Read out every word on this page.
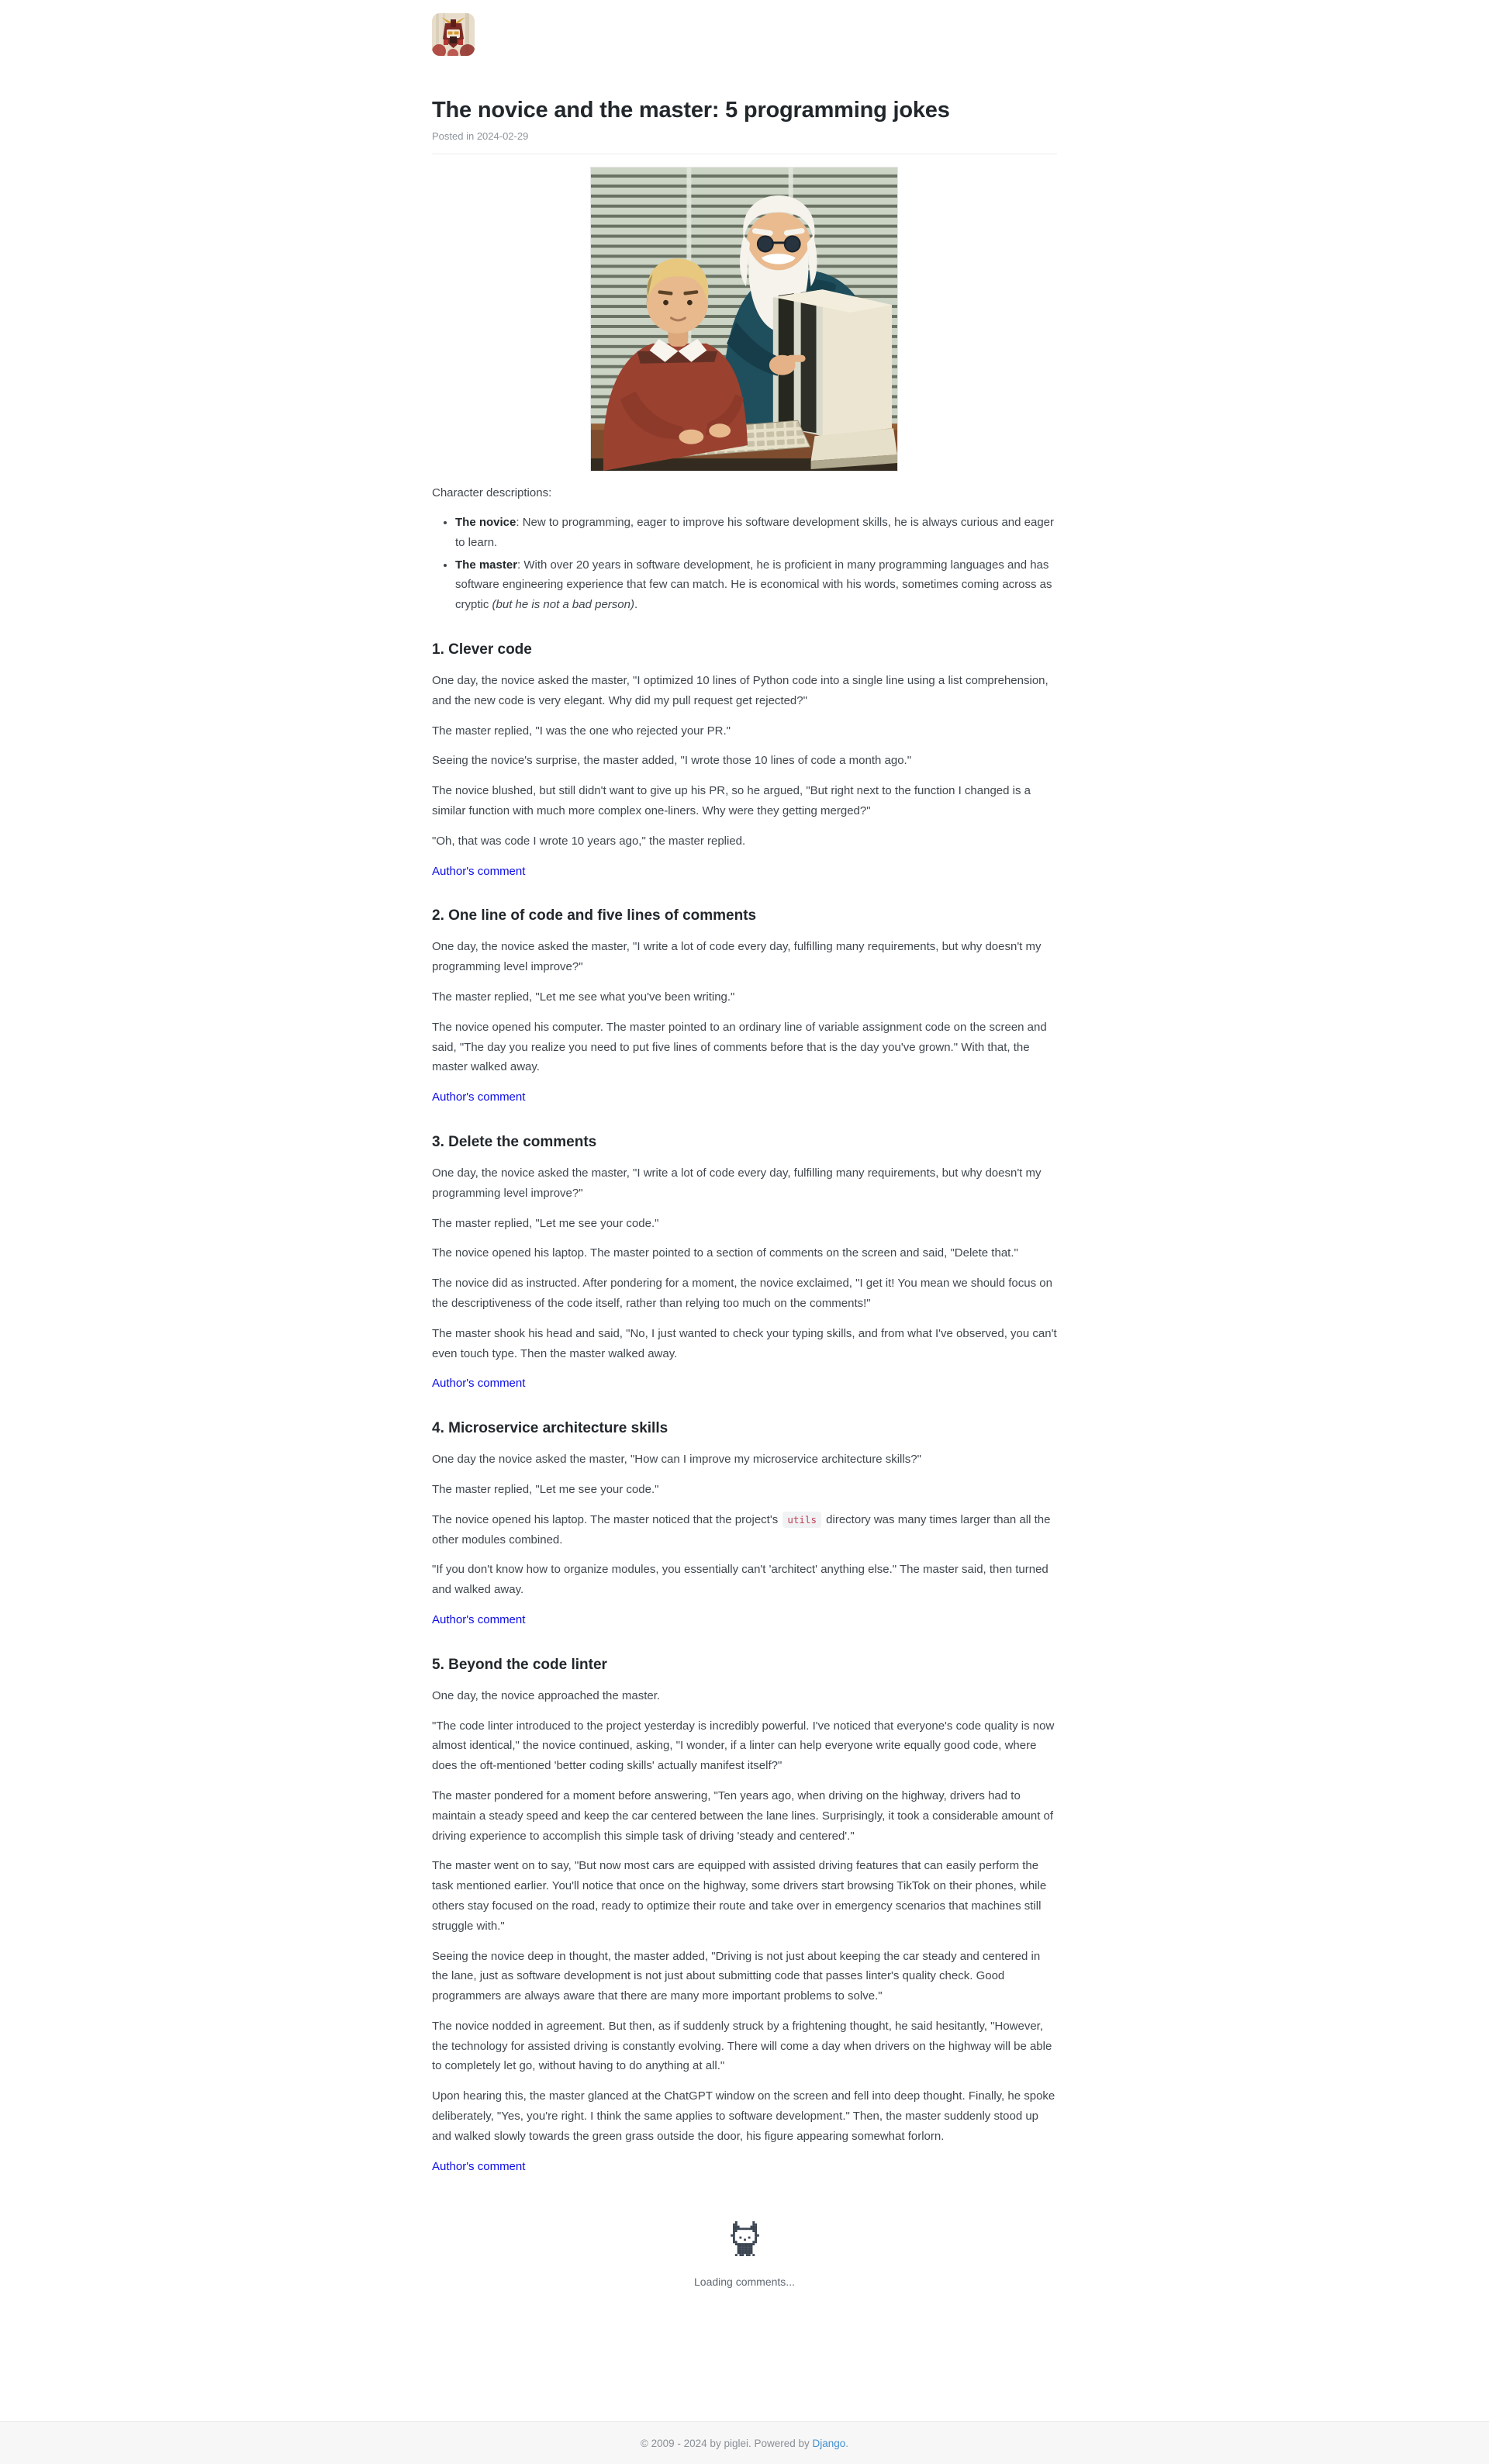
The novice and the master: 5 programming jokes
Posted in 2024-02-29

Character descriptions:

• The novice: New to programming, eager to improve his software development skills, he is always curious and eager to learn.
• The master: With over 20 years in software development, he is proficient in many programming languages and has software engineering experience that few can match. He is economical with his words, sometimes coming across as cryptic (but he is not a bad person).
1. Clever code

One day, the novice asked the master, "I optimized 10 lines of Python code into a single line using a list comprehension, and the new code is very elegant. Why did my pull request get rejected?"

The master replied, "I was the one who rejected your PR."

Seeing the novice's surprise, the master added, "I wrote those 10 lines of code a month ago."

The novice blushed, but still didn't want to give up his PR, so he argued, "But right next to the function I changed is a similar function with much more complex one-liners. Why were they getting merged?"

"Oh, that was code I wrote 10 years ago," the master replied.

Author's comment
2. One line of code and five lines of comments

One day, the novice asked the master, "I write a lot of code every day, fulfilling many requirements, but why doesn't my programming level improve?"

The master replied, "Let me see what you've been writing."

The novice opened his computer. The master pointed to an ordinary line of variable assignment code on the screen and said, "The day you realize you need to put five lines of comments before that is the day you've grown." With that, the master walked away.

Author's comment
3. Delete the comments

One day, the novice asked the master, "I write a lot of code every day, fulfilling many requirements, but why doesn't my programming level improve?"

The master replied, "Let me see your code."

The novice opened his laptop. The master pointed to a section of comments on the screen and said, "Delete that."

The novice did as instructed. After pondering for a moment, the novice exclaimed, "I get it! You mean we should focus on the descriptiveness of the code itself, rather than relying too much on the comments!"

The master shook his head and said, "No, I just wanted to check your typing skills, and from what I've observed, you can't even touch type. Then the master walked away.

Author's comment
4. Microservice architecture skills

One day the novice asked the master, "How can I improve my microservice architecture skills?"

The master replied, "Let me see your code."

The novice opened his laptop. The master noticed that the project's utils directory was many times larger than all the other modules combined.

"If you don't know how to organize modules, you essentially can't 'architect' anything else." The master said, then turned and walked away.

Author's comment
5. Beyond the code linter

One day, the novice approached the master.

"The code linter introduced to the project yesterday is incredibly powerful. I've noticed that everyone's code quality is now almost identical," the novice continued, asking, "I wonder, if a linter can help everyone write equally good code, where does the oft-mentioned 'better coding skills' actually manifest itself?"

The master pondered for a moment before answering, "Ten years ago, when driving on the highway, drivers had to maintain a steady speed and keep the car centered between the lane lines. Surprisingly, it took a considerable amount of driving experience to accomplish this simple task of driving 'steady and centered'."

The master went on to say, "But now most cars are equipped with assisted driving features that can easily perform the task mentioned earlier. You'll notice that once on the highway, some drivers start browsing TikTok on their phones, while others stay focused on the road, ready to optimize their route and take over in emergency scenarios that machines still struggle with."

Seeing the novice deep in thought, the master added, "Driving is not just about keeping the car steady and centered in the lane, just as software development is not just about submitting code that passes linter's quality check. Good programmers are always aware that there are many more important problems to solve."

The novice nodded in agreement. But then, as if suddenly struck by a frightening thought, he said hesitantly, "However, the technology for assisted driving is constantly evolving. There will come a day when drivers on the highway will be able to completely let go, without having to do anything at all."

Upon hearing this, the master glanced at the ChatGPT window on the screen and fell into deep thought. Finally, he spoke deliberately, "Yes, you're right. I think the same applies to software development." Then, the master suddenly stood up and walked slowly towards the green grass outside the door, his figure appearing somewhat forlorn.

Author's comment
Loading comments...
© 2009 - 2024 by piglei. Powered by Django.
